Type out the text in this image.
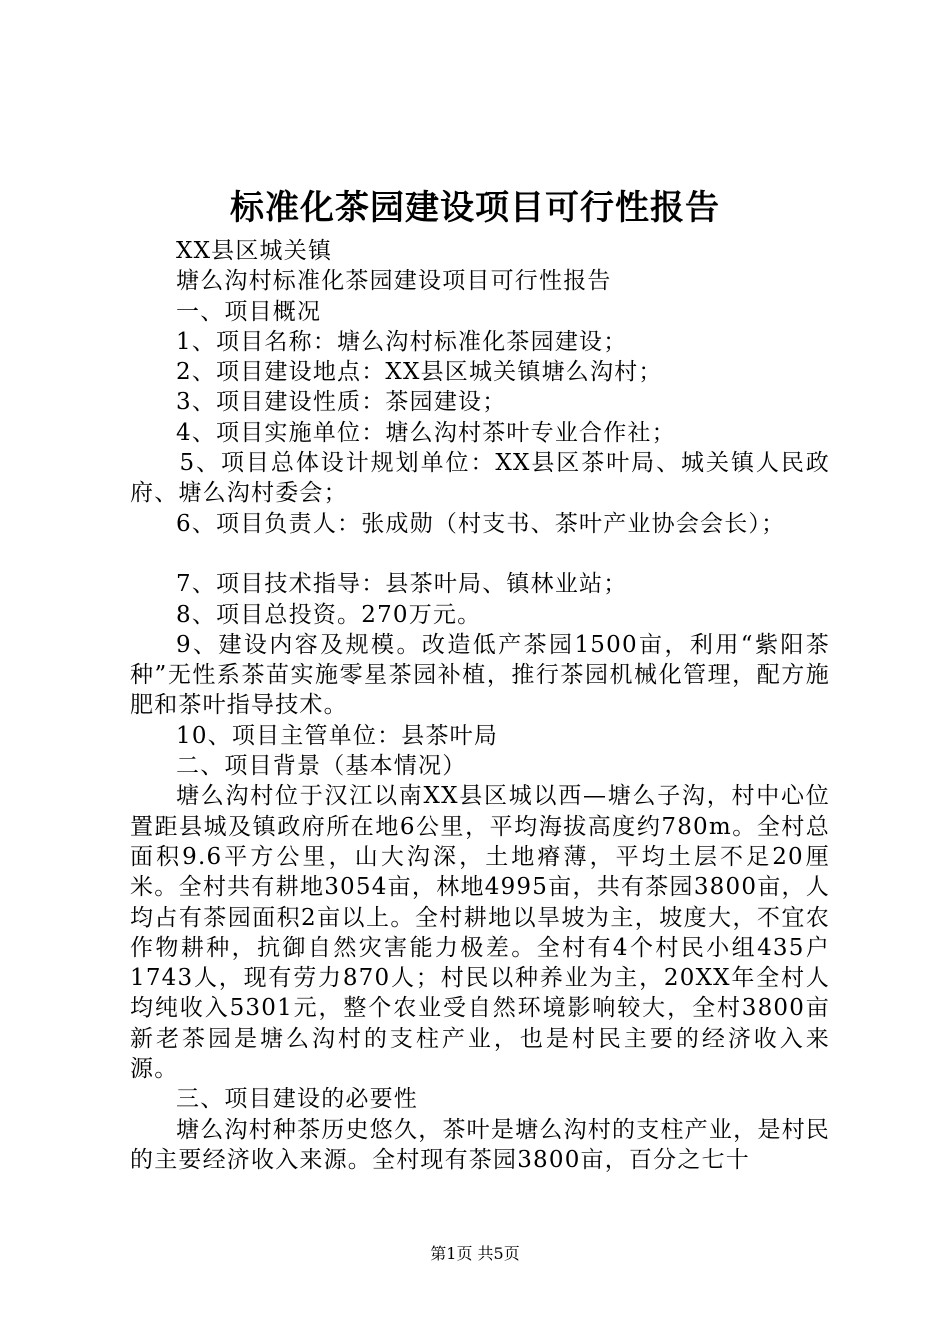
标准化茶园建设项目可行性报告

XX县区城关镇

塘么沟村标准化茶园建设项目可行性报告

一、项目概况

1、项目名称：塘么沟村标准化茶园建设；

2、项目建设地点：XX县区城关镇塘么沟村；

3、项目建设性质：茶园建设；

4、项目实施单位：塘么沟村茶叶专业合作社；

5、项目总体设计规划单位：XX县区茶叶局、城关镇人民政府、塘么沟村委会；

6、项目负责人：张成勋（村支书、茶叶产业协会会长）；

7、项目技术指导：县茶叶局、镇林业站；

8、项目总投资。270万元。

9、建设内容及规模。改造低产茶园1500亩，利用“紫阳茶种”无性系茶苗实施零星茶园补植，推行茶园机械化管理，配方施肥和茶叶指导技术。

10、项目主管单位：县茶叶局

二、项目背景（基本情况）

塘么沟村位于汉江以南XX县区城以西—塘么子沟，村中心位置距县城及镇政府所在地6公里，平均海拔高度约780m。全村总面积9.6平方公里，山大沟深，土地瘠薄，平均土层不足20厘米。全村共有耕地3054亩，林地4995亩，共有茶园3800亩，人均占有茶园面积2亩以上。全村耕地以旱坡为主，坡度大，不宜农作物耕种，抗御自然灾害能力极差。全村有4个村民小组435户1743人，现有劳力870人；村民以种养业为主，20XX年全村人均纯收入5301元，整个农业受自然环境影响较大，全村3800亩新老茶园是塘么沟村的支柱产业，也是村民主要的经济收入来源。

三、项目建设的必要性

塘么沟村种茶历史悠久，茶叶是塘么沟村的支柱产业，是村民的主要经济收入来源。全村现有茶园3800亩，百分之七十

第1页 共5页
